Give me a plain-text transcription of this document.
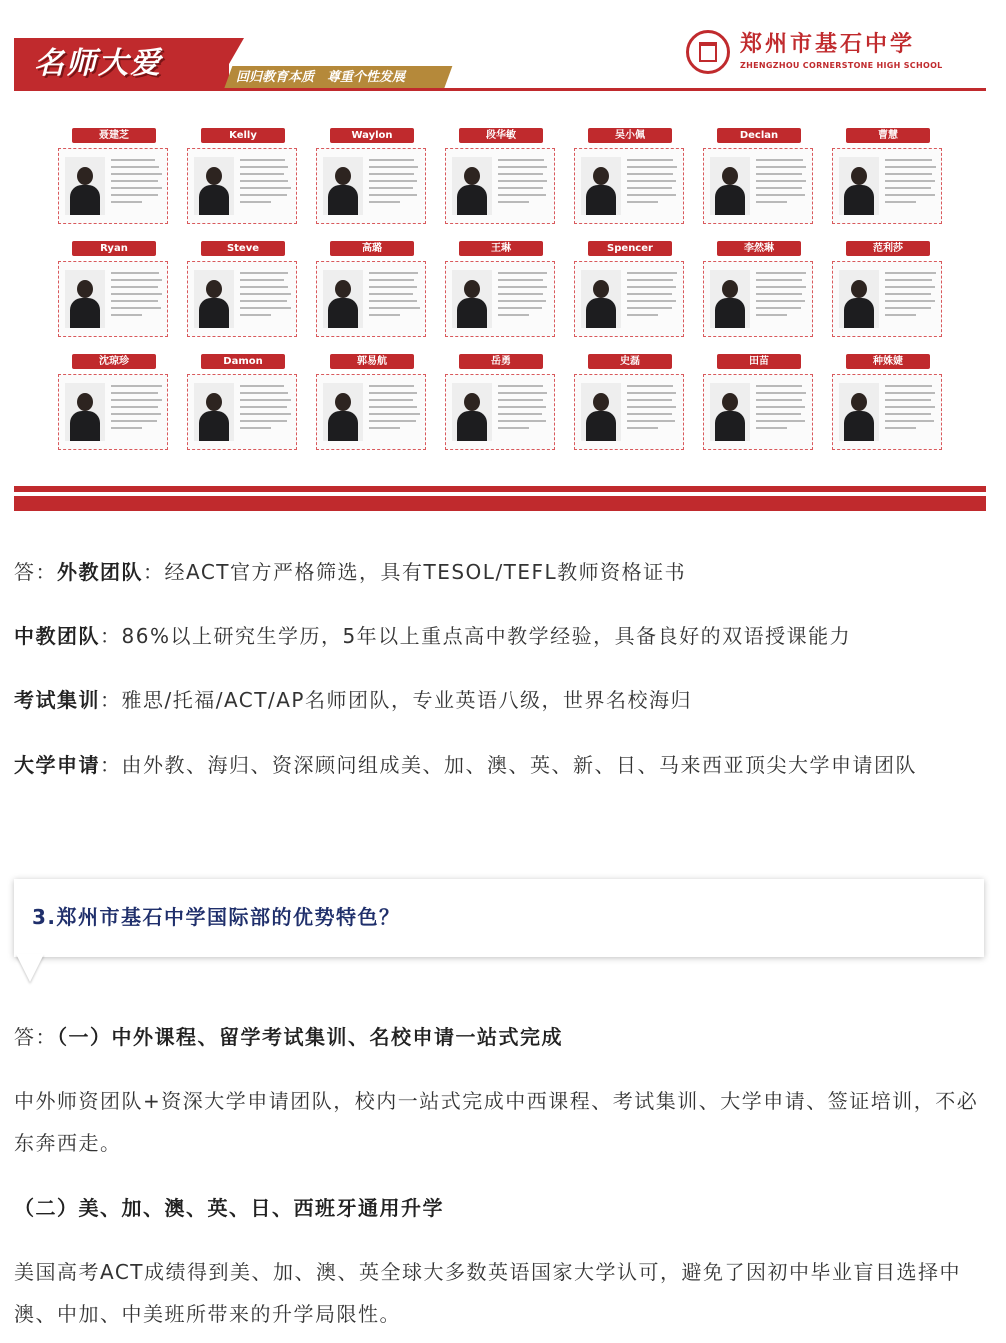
名师大爱	回归教育本质　尊重个性发展
郑州市基石中学
ZHENGZHOU CORNERSTONE HIGH SCHOOL
聂建芝	Kelly	Waylon	段华敏	吴小佩	Declan	曹慧
Ryan	Steve	高璐	王琳	Spencer	李然琳	范利莎
沈琼珍	Damon	郭易航	岳勇	史磊	田苗	种姝婕
答：外教团队：经ACT官方严格筛选，具有TESOL/TEFL教师资格证书
中教团队：86%以上研究生学历，5年以上重点高中教学经验，具备良好的双语授课能力
考试集训：雅思/托福/ACT/AP名师团队，专业英语八级，世界名校海归
大学申请：由外教、海归、资深顾问组成美、加、澳、英、新、日、马来西亚顶尖大学申请团队
3.郑州市基石中学国际部的优势特色？
答：（一）中外课程、留学考试集训、名校申请一站式完成
中外师资团队+资深大学申请团队，校内一站式完成中西课程、考试集训、大学申请、签证培训，不必东奔西走。
（二）美、加、澳、英、日、西班牙通用升学
美国高考ACT成绩得到美、加、澳、英全球大多数英语国家大学认可，避免了因初中毕业盲目选择中澳、中加、中美班所带来的升学局限性。
